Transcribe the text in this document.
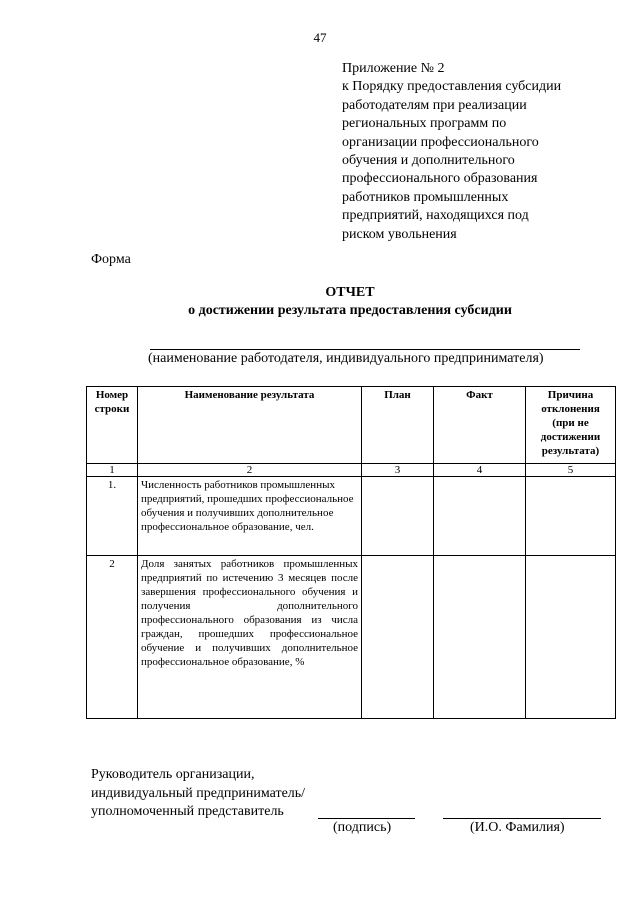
47
Приложение № 2
к Порядку предоставления субсидии
работодателям при реализации
региональных программ по
организации профессионального
обучения и дополнительного
профессионального образования
работников промышленных
предприятий, находящихся под
риском увольнения
Форма
ОТЧЕТ
о достижении результата предоставления субсидии
(наименование работодателя, индивидуального предпринимателя)
Номер строки	Наименование результата	План	Факт	Причина отклонения (при не достижении результата)
1	2	3	4	5
1.	Численность работников промышленных предприятий, прошедших профессиональное обучения и получивших дополнительное профессиональное образование, чел.			
2	Доля занятых работников промышленных предприятий по истечению 3 месяцев после завершения профессионального обучения и получения дополнительного профессионального образования из числа граждан, прошедших профессиональное обучение и получивших дополнительное профессиональное образование, %			
Руководитель организации,
индивидуальный предприниматель/
уполномоченный представитель
(подпись)	(И.О. Фамилия)
